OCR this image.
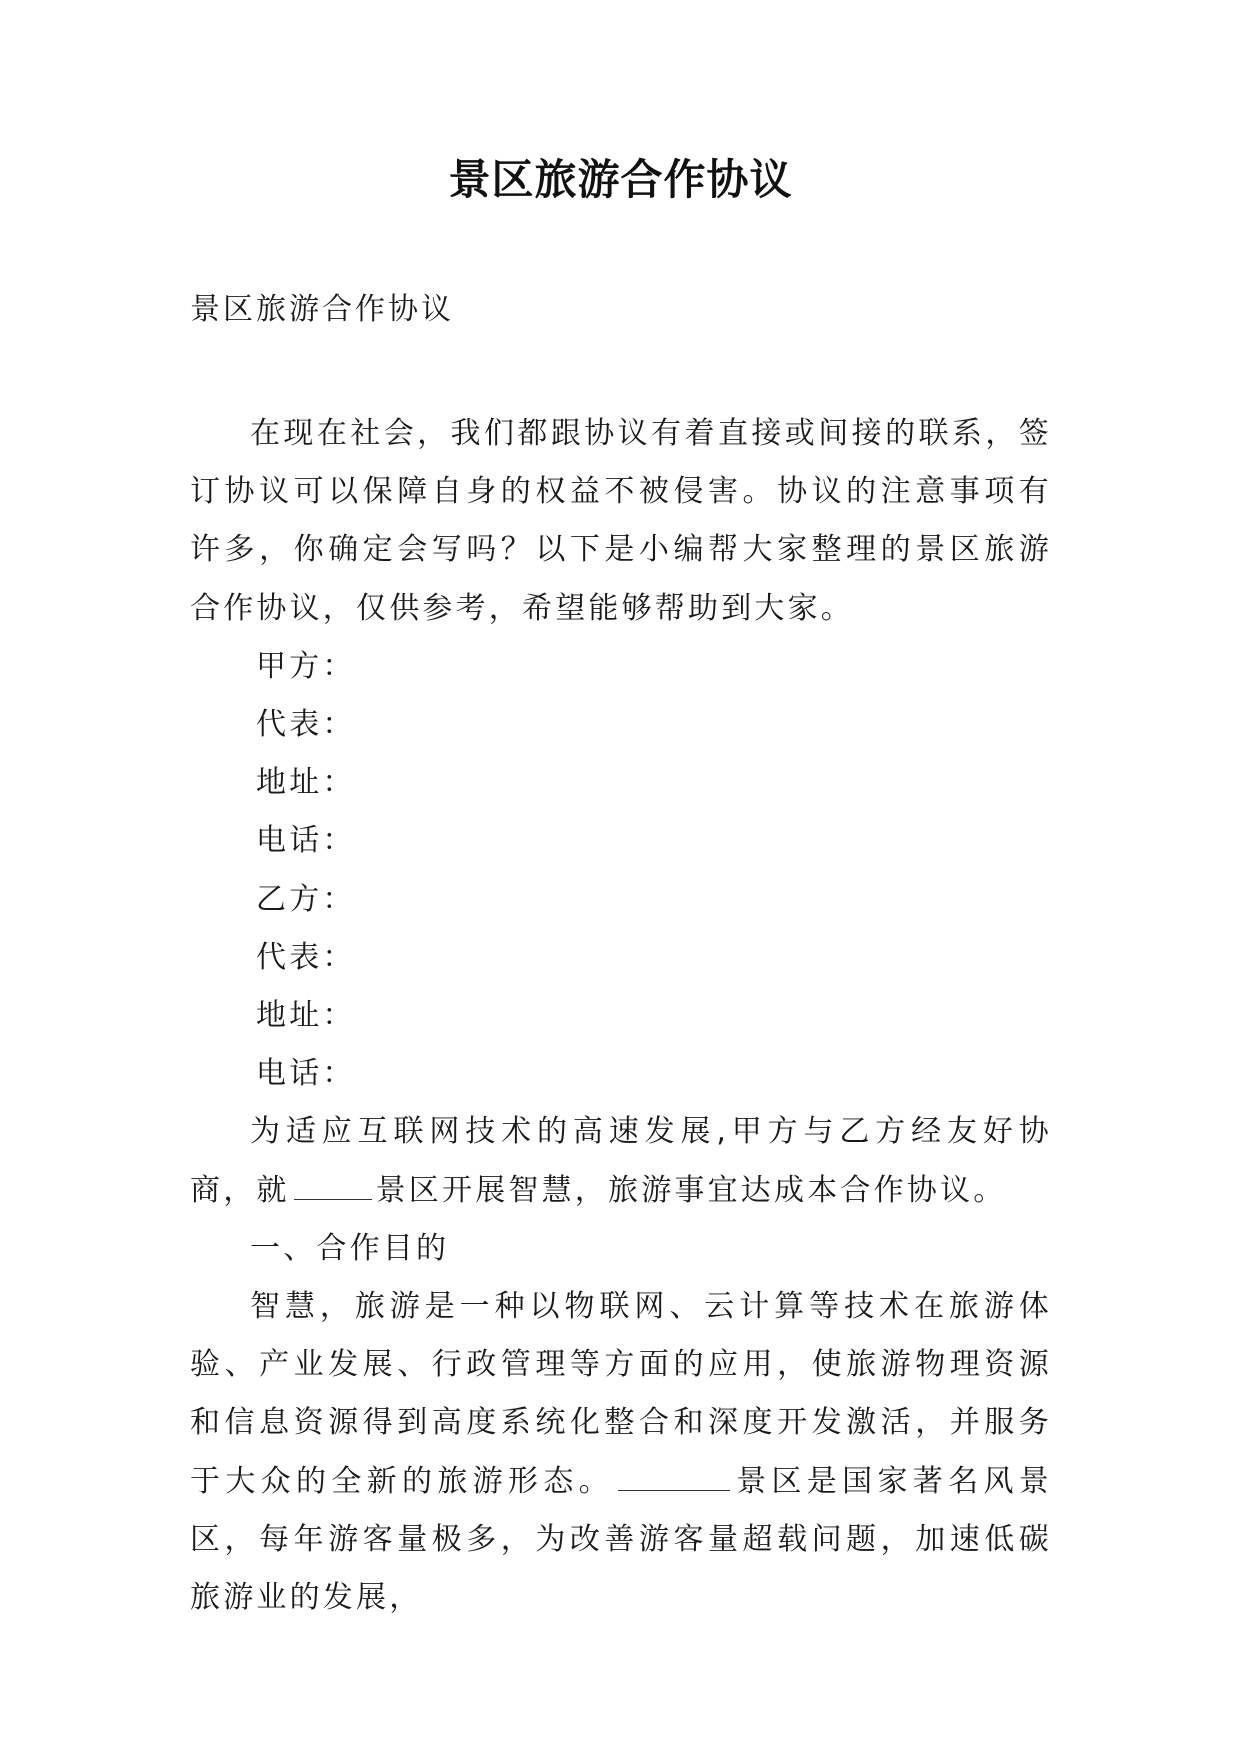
景区旅游合作协议
景区旅游合作协议

在现在社会，我们都跟协议有着直接或间接的联系，签订协议可以保障自身的权益不被侵害。协议的注意事项有许多，你确定会写吗？以下是小编帮大家整理的景区旅游合作协议，仅供参考，希望能够帮助到大家。

甲方：

代表：

地址：

电话：

乙方：

代表：

地址：

电话：

为适应互联网技术的高速发展,甲方与乙方经友好协商，就	景区开展智慧，旅游事宜达成本合作协议。

一、合作目的

智慧，旅游是一种以物联网、云计算等技术在旅游体验、产业发展、行政管理等方面的应用，使旅游物理资源和信息资源得到高度系统化整合和深度开发激活，并服务于大众的全新的旅游形态。	景区是国家著名风景区，每年游客量极多，为改善游客量超载问题，加速低碳旅游业的发展，
